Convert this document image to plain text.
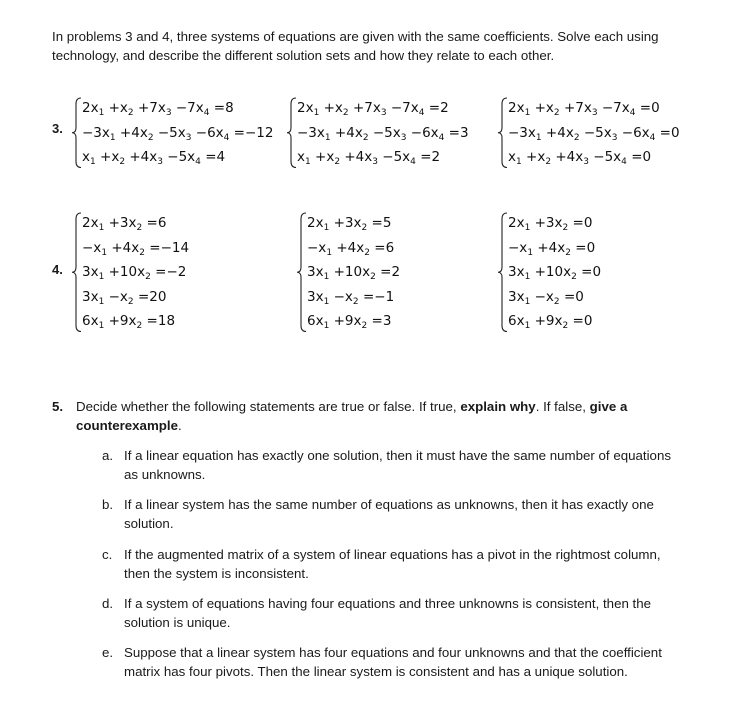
In problems 3 and 4, three systems of equations are given with the same coefficients. Solve each using technology, and describe the different solution sets and how they relate to each other.
3.
$2x_1 +x_2 +7x_3 -7x_4 =8$
$-3x_1 +4x_2 -5x_3 -6x_4 =-12$
$x_1 +x_2 +4x_3 -5x_4 =4$
$2x_1 +x_2 +7x_3 -7x_4 =2$
$-3x_1 +4x_2 -5x_3 -6x_4 =3$
$x_1 +x_2 +4x_3 -5x_4 =2$
$2x_1 +x_2 +7x_3 -7x_4 =0$
$-3x_1 +4x_2 -5x_3 -6x_4 =0$
$x_1 +x_2 +4x_3 -5x_4 =0$
4.
$2x_1 +3x_2 =6$
$-x_1 +4x_2 =-14$
$3x_1 +10x_2 =-2$
$3x_1 -x_2 =20$
$6x_1 +9x_2 =18$
$2x_1 +3x_2 =5$
$-x_1 +4x_2 =6$
$3x_1 +10x_2 =2$
$3x_1 -x_2 =-1$
$6x_1 +9x_2 =3$
$2x_1 +3x_2 =0$
$-x_1 +4x_2 =0$
$3x_1 +10x_2 =0$
$3x_1 -x_2 =0$
$6x_1 +9x_2 =0$
5. Decide whether the following statements are true or false. If true, explain why. If false, give a counterexample.
a. If a linear equation has exactly one solution, then it must have the same number of equations as unknowns.
b. If a linear system has the same number of equations as unknowns, then it has exactly one solution.
c. If the augmented matrix of a system of linear equations has a pivot in the rightmost column, then the system is inconsistent.
d. If a system of equations having four equations and three unknowns is consistent, then the solution is unique.
e. Suppose that a linear system has four equations and four unknowns and that the coefficient matrix has four pivots. Then the linear system is consistent and has a unique solution.
